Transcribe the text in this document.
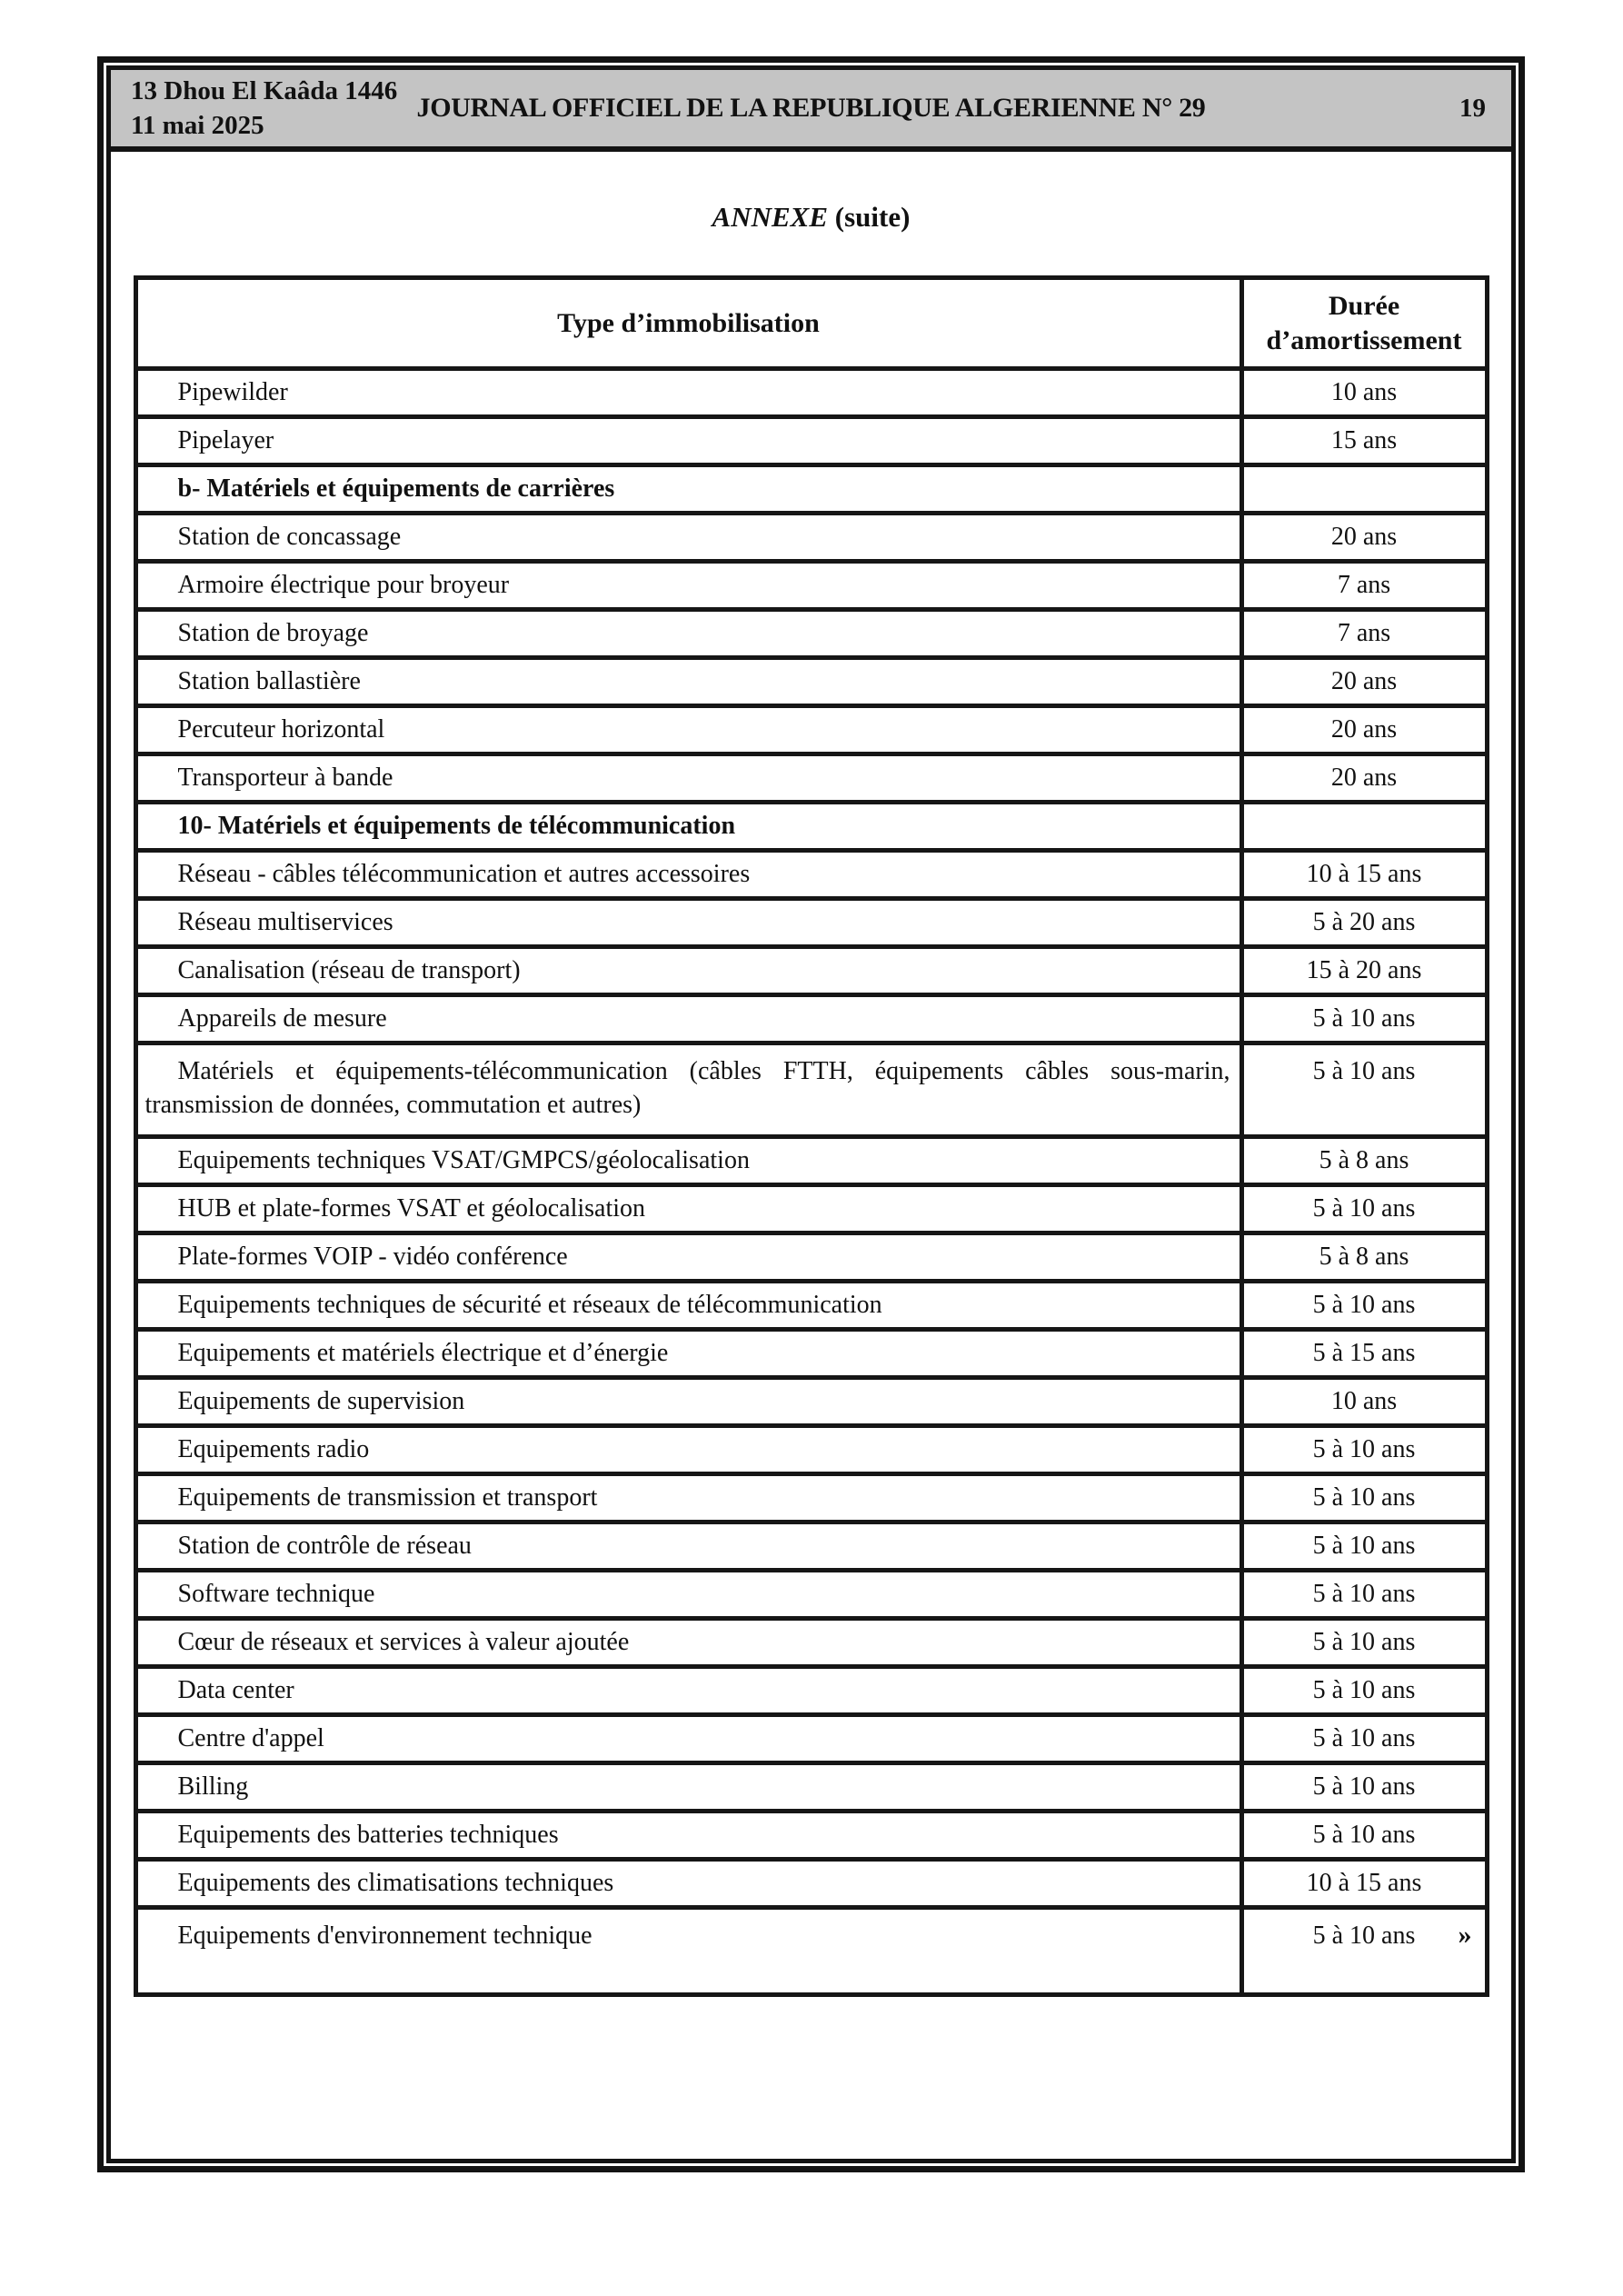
13 Dhou El Kaâda 1446
11 mai 2025
JOURNAL OFFICIEL DE LA REPUBLIQUE ALGERIENNE N° 29	19
ANNEXE (suite)
Type d’immobilisation	Durée
d’amortissement

Pipewilder	10 ans
Pipelayer	15 ans
b- Matériels et équipements de carrières	
Station de concassage	20 ans
Armoire électrique pour broyeur	7 ans
Station de broyage	7 ans
Station ballastière	20 ans
Percuteur horizontal	20 ans
Transporteur à bande	20 ans
10- Matériels et équipements de télécommunication	
Réseau - câbles télécommunication et autres accessoires	10 à 15 ans
Réseau multiservices	5 à 20 ans
Canalisation (réseau de transport)	15 à 20 ans
Appareils de mesure	5 à 10 ans

Matériels et équipements-télécommunication (câbles FTTH, équipements câbles sous-marin,
transmission de données, commutation et autres)	5 à 10 ans
Equipements techniques VSAT/GMPCS/géolocalisation	5 à 8 ans
HUB et plate-formes VSAT et géolocalisation	5 à 10 ans
Plate-formes VOIP - vidéo conférence	5 à 8 ans
Equipements techniques de sécurité et réseaux de télécommunication	5 à 10 ans
Equipements et matériels électrique et d’énergie	5 à 15 ans
Equipements de supervision	10 ans
Equipements radio	5 à 10 ans
Equipements de transmission et transport	5 à 10 ans
Station de contrôle de réseau	5 à 10 ans
Software technique	5 à 10 ans
Cœur de réseaux et services à valeur ajoutée	5 à 10 ans
Data center	5 à 10 ans
Centre d'appel	5 à 10 ans
Billing	5 à 10 ans
Equipements des batteries techniques	5 à 10 ans
Equipements des climatisations techniques	10 à 15 ans
Equipements d'environnement technique	5 à 10 ans »
